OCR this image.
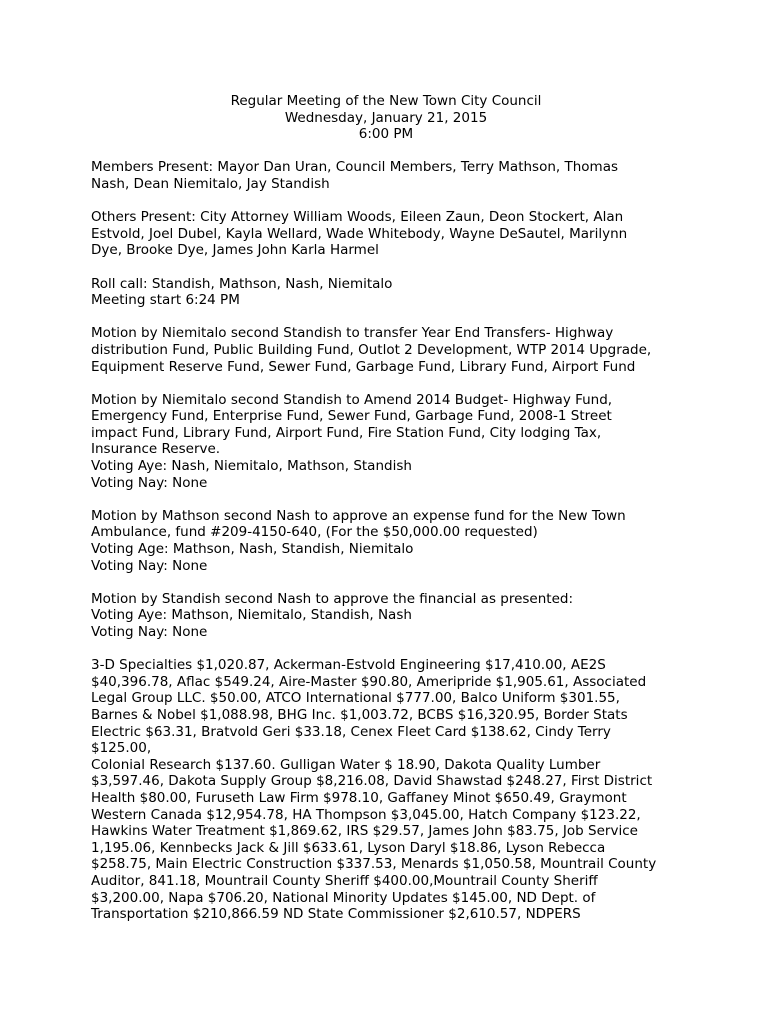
Regular Meeting of the New Town City Council
Wednesday, January 21, 2015
6:00 PM
Members Present: Mayor Dan Uran, Council Members, Terry Mathson, Thomas
Nash, Dean Niemitalo, Jay Standish
Others Present: City Attorney William Woods, Eileen Zaun, Deon Stockert, Alan
Estvold, Joel Dubel, Kayla Wellard, Wade Whitebody, Wayne DeSautel, Marilynn
Dye, Brooke Dye, James John Karla Harmel
Roll call: Standish, Mathson, Nash, Niemitalo
Meeting start 6:24 PM
Motion by Niemitalo second Standish to transfer Year End Transfers- Highway
distribution Fund, Public Building Fund, Outlot 2 Development, WTP 2014 Upgrade,
Equipment Reserve Fund, Sewer Fund, Garbage Fund, Library Fund, Airport Fund
Motion by Niemitalo second Standish to Amend 2014 Budget- Highway Fund,
Emergency Fund, Enterprise Fund, Sewer Fund, Garbage Fund, 2008-1 Street
impact Fund, Library Fund, Airport Fund, Fire Station Fund, City lodging Tax,
Insurance Reserve.
Voting Aye: Nash, Niemitalo, Mathson, Standish
Voting Nay: None
Motion by Mathson second Nash to approve an expense fund for the New Town
Ambulance, fund #209-4150-640, (For the $50,000.00 requested)
Voting Age: Mathson, Nash, Standish, Niemitalo
Voting Nay: None
Motion by Standish second Nash to approve the financial as presented:
Voting Aye: Mathson, Niemitalo, Standish, Nash
Voting Nay: None
3-D Specialties $1,020.87, Ackerman-Estvold Engineering $17,410.00, AE2S
$40,396.78, Aflac $549.24, Aire-Master $90.80, Ameripride $1,905.61, Associated
Legal Group LLC. $50.00, ATCO International $777.00, Balco Uniform $301.55,
Barnes & Nobel $1,088.98, BHG Inc. $1,003.72, BCBS $16,320.95, Border Stats
Electric $63.31, Bratvold Geri $33.18, Cenex Fleet Card $138.62, Cindy Terry
$125.00,
Colonial Research $137.60. Gulligan Water $ 18.90, Dakota Quality Lumber
$3,597.46, Dakota Supply Group $8,216.08, David Shawstad $248.27, First District
Health $80.00, Furuseth Law Firm $978.10, Gaffaney Minot $650.49, Graymont
Western Canada $12,954.78, HA Thompson $3,045.00, Hatch Company $123.22,
Hawkins Water Treatment $1,869.62, IRS $29.57, James John $83.75, Job Service
1,195.06, Kennbecks Jack & Jill $633.61, Lyson Daryl $18.86, Lyson Rebecca
$258.75, Main Electric Construction $337.53, Menards $1,050.58, Mountrail County
Auditor, 841.18, Mountrail County Sheriff $400.00,Mountrail County Sheriff
$3,200.00, Napa $706.20, National Minority Updates $145.00, ND Dept. of
Transportation $210,866.59 ND State Commissioner $2,610.57, NDPERS
